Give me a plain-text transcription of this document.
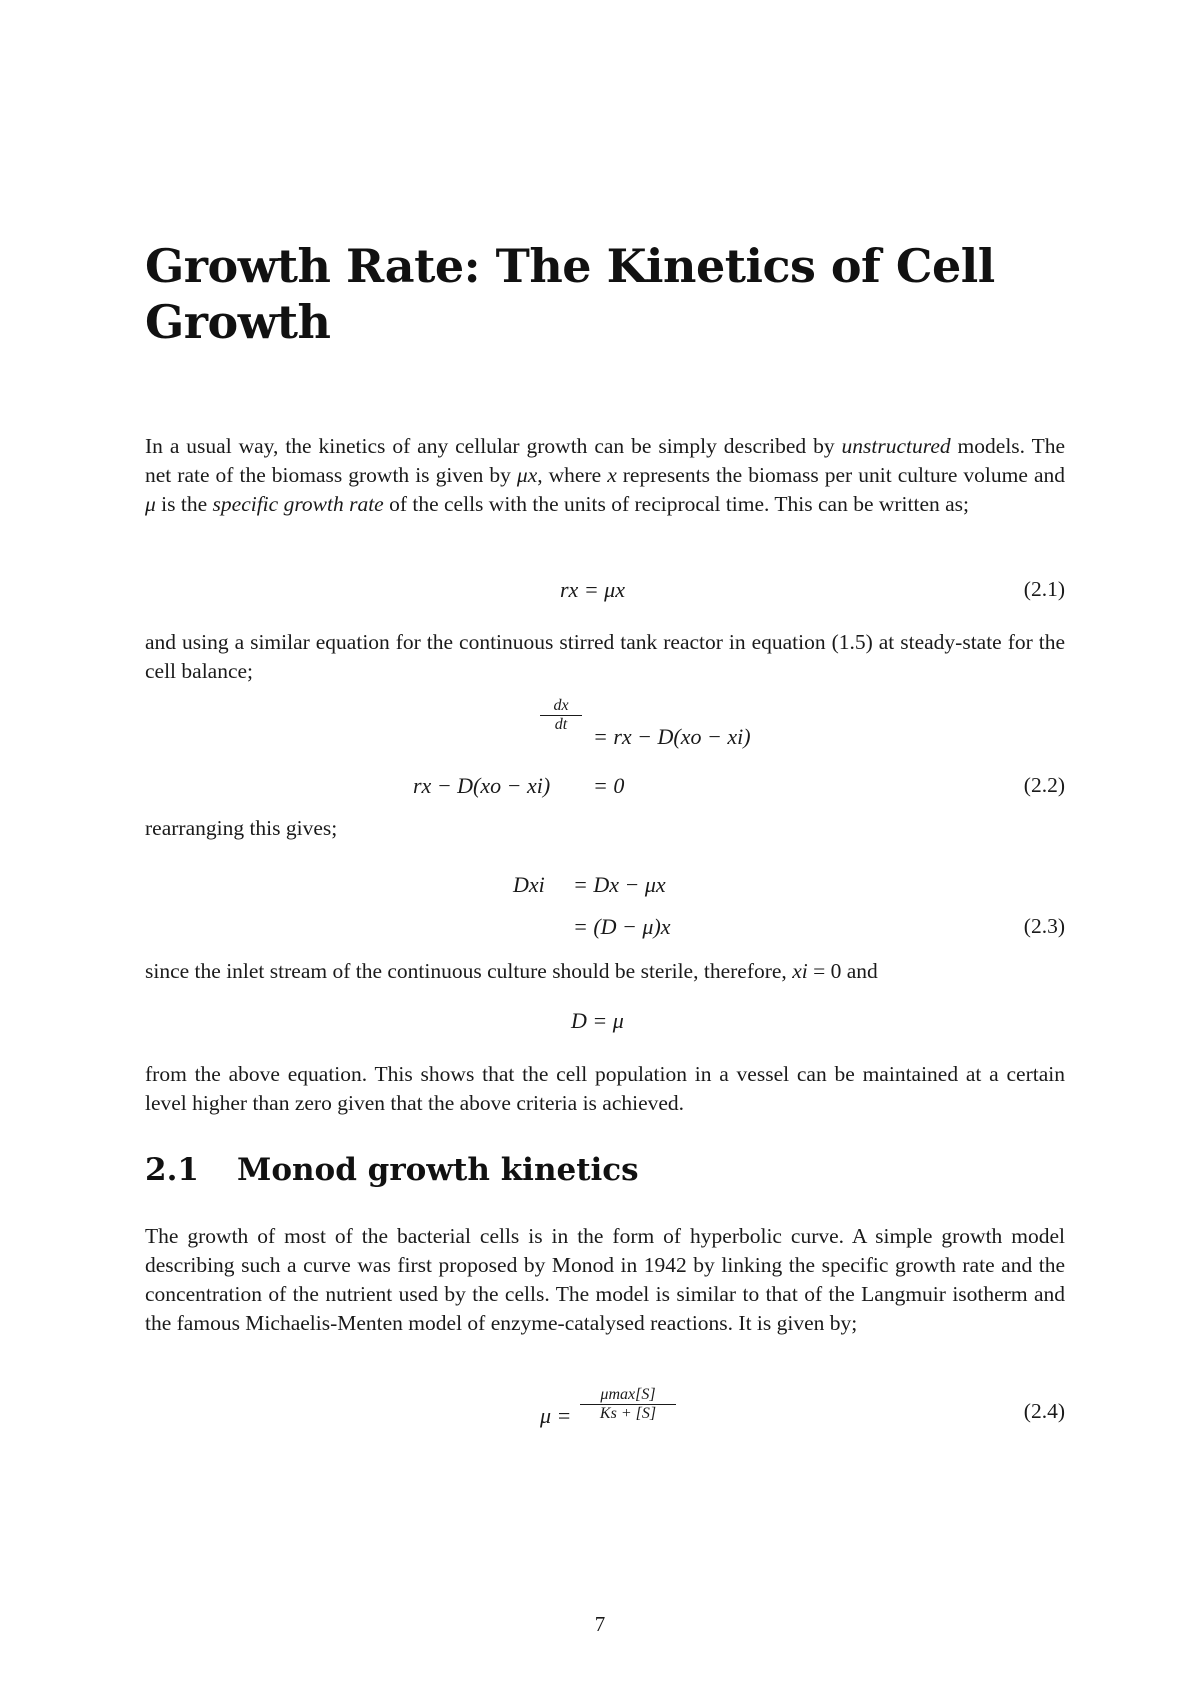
Growth Rate: The Kinetics of Cell Growth

In a usual way, the kinetics of any cellular growth can be simply described by unstructured models. The net rate of the biomass growth is given by μx, where x represents the biomass per unit culture volume and μ is the specific growth rate of the cells with the units of reciprocal time. This can be written as;

rx = μx	(2.1)

and using a similar equation for the continuous stirred tank reactor in equation (1.5) at steady-state for the cell balance;

$\frac{dx}{dt}$
= rx − D(xo − xi)
rx − D(xo − xi) = 0	(2.2)

rearranging this gives;

Dxi = Dx − μx
= (D − μ)x	(2.3)

since the inlet stream of the continuous culture should be sterile, therefore, xi = 0 and

D = μ

from the above equation. This shows that the cell population in a vessel can be maintained at a certain level higher than zero given that the above criteria is achieved.

2.1 Monod growth kinetics

The growth of most of the bacterial cells is in the form of hyperbolic curve. A simple growth model describing such a curve was first proposed by Monod in 1942 by linking the specific growth rate and the concentration of the nutrient used by the cells. The model is similar to that of the Langmuir isotherm and the famous Michaelis-Menten model of enzyme-catalysed reactions. It is given by;

μ =	(2.4)
μmax[S]
Ks + [S]
7
